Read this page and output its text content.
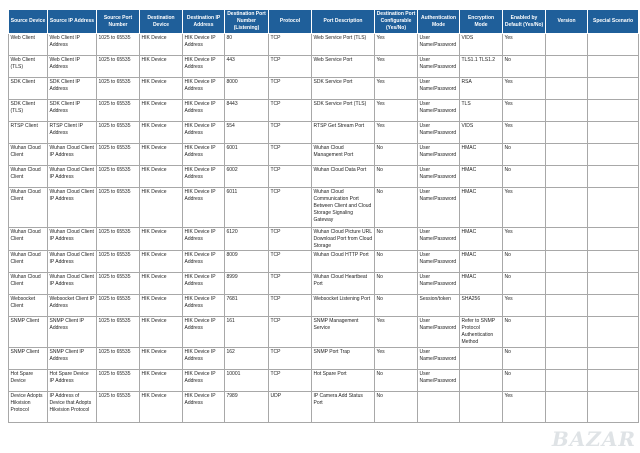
Source Device	Source IP Address	Source Port Number	Destination Device	Destination IP Address	Destination Port Number (Listening)	Protocol	Port Description	Destination Port Configurable (Yes/No)	Authentication Mode	Encryption Mode	Enabled by Default (Yes/No)	Version	Special Scenario
Web Client	Web Client IP Address	1025 to 65535	HIK Device	HIK Device IP Address	80	TCP	Web Service Port (TLS)	Yes	User Name/Password	VIDS	Yes		
Web Client (TLS)	Web Client IP Address	1025 to 65535	HIK Device	HIK Device IP Address	443	TCP	Web Service Port	Yes	User Name/Password	TLS1.1 TLS1.2	No		
SDK Client	SDK Client IP Address	1025 to 65535	HIK Device	HIK Device IP Address	8000	TCP	SDK Service Port	Yes	User Name/Password	RSA	Yes		
SDK Client (TLS)	SDK Client IP Address	1025 to 65535	HIK Device	HIK Device IP Address	8443	TCP	SDK Service Port (TLS)	Yes	User Name/Password	TLS	Yes		
RTSP Client	RTSP Client IP Address	1025 to 65535	HIK Device	HIK Device IP Address	554	TCP	RTSP Get Stream Port	Yes	User Name/Password	VIDS	Yes		
Wuhan Cloud Client	Wuhan Cloud Client IP Address	1025 to 65535	HIK Device	HIK Device IP Address	6001	TCP	Wuhan Cloud Management Port	No	User Name/Password	HMAC	No		
Wuhan Cloud Client	Wuhan Cloud Client IP Address	1025 to 65535	HIK Device	HIK Device IP Address	6002	TCP	Wuhan Cloud Data Port	No	User Name/Password	HMAC	No		
Wuhan Cloud Client	Wuhan Cloud Client IP Address	1025 to 65535	HIK Device	HIK Device IP Address	6011	TCP	Wuhan Cloud Communication Port Between Client and Cloud Storage Signaling Gateway	No	User Name/Password	HMAC	Yes		
Wuhan Cloud Client	Wuhan Cloud Client IP Address	1025 to 65535	HIK Device	HIK Device IP Address	6120	TCP	Wuhan Cloud Picture URL Download Port from Cloud Storage	No	User Name/Password	HMAC	Yes		
Wuhan Cloud Client	Wuhan Cloud Client IP Address	1025 to 65535	HIK Device	HIK Device IP Address	8009	TCP	Wuhan Cloud HTTP Port	No	User Name/Password	HMAC	No		
Wuhan Cloud Client	Wuhan Cloud Client IP Address	1025 to 65535	HIK Device	HIK Device IP Address	8999	TCP	Wuhan Cloud Heartbeat Port	No	User Name/Password	HMAC	No		
Websocket Client	Websocket Client IP Address	1025 to 65535	HIK Device	HIK Device IP Address	7681	TCP	Websocket Listening Port	No	Session/token	SHA256	Yes		
SNMP Client	SNMP Client IP Address	1025 to 65535	HIK Device	HIK Device IP Address	161	TCP	SNMP Management Service	Yes	User Name/Password	Refer to SNMP Protocol Authentication Method	No		
SNMP Client	SNMP Client IP Address	1025 to 65535	HIK Device	HIK Device IP Address	162	TCP	SNMP Port Trap	Yes	User Name/Password		No		
Hot Spare Device	Hot Spare Device IP Address	1025 to 65535	HIK Device	HIK Device IP Address	10001	TCP	Hot Spare Port	No	User Name/Password		No		
Device Adopts Hikvision Protocol	IP Address of Device that Adopts Hikvision Protocol	1025 to 65535	HIK Device	HIK Device IP Address	7989	UDP	IP Camera Add Status Port	No			Yes		
BAZAR
